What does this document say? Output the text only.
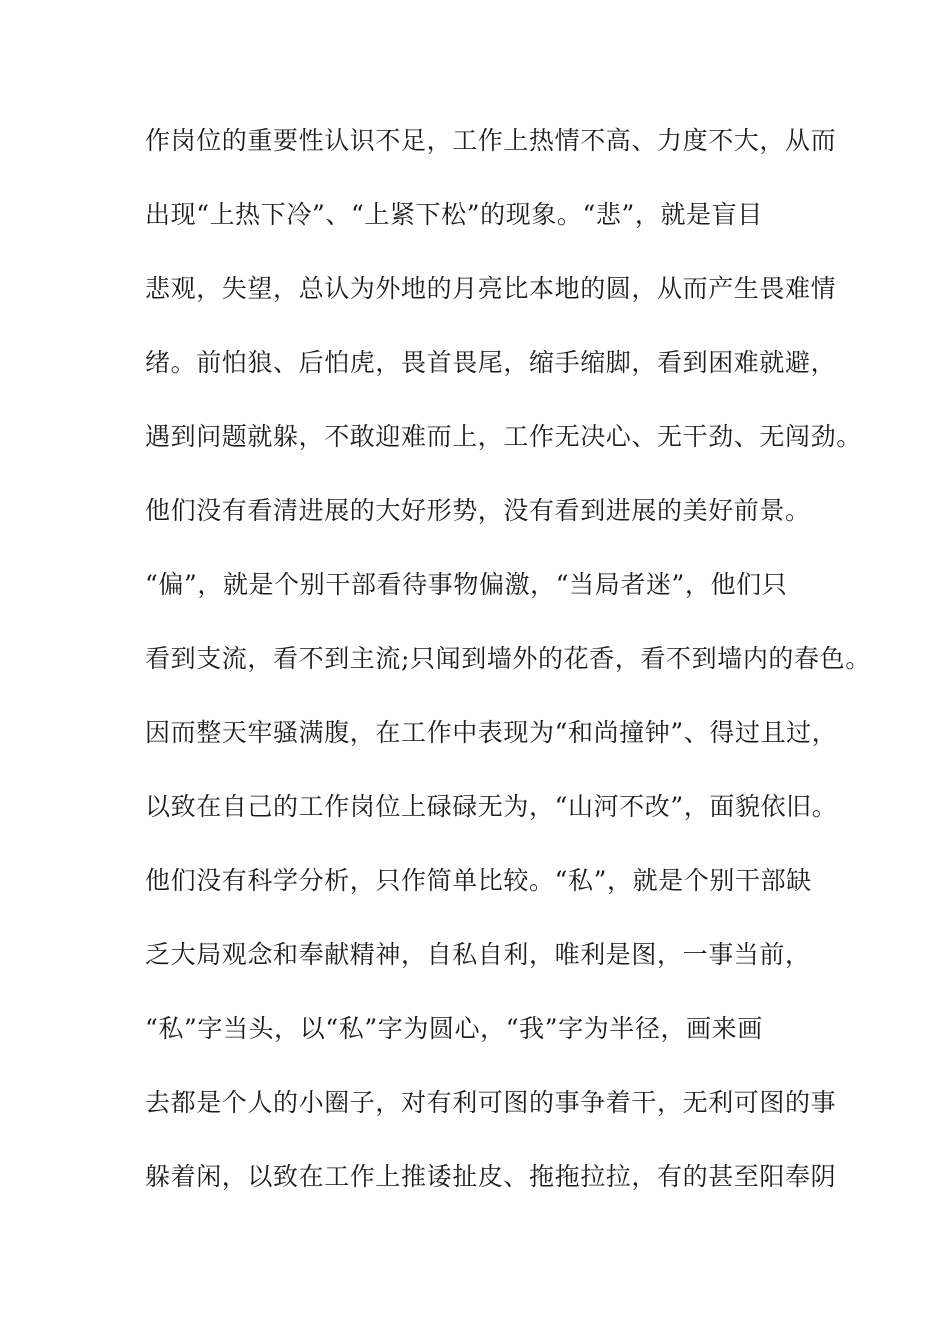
作岗位的重要性认识不足，工作上热情不高、力度不大，从而

出现“上热下冷”、“上紧下松”的现象。“悲”，就是盲目

悲观，失望，总认为外地的月亮比本地的圆，从而产生畏难情

绪。前怕狼、后怕虎，畏首畏尾，缩手缩脚，看到困难就避，

遇到问题就躲，不敢迎难而上，工作无决心、无干劲、无闯劲。

他们没有看清进展的大好形势，没有看到进展的美好前景。

“偏”，就是个别干部看待事物偏激，“当局者迷”，他们只

看到支流，看不到主流;只闻到墙外的花香，看不到墙内的春色。

因而整天牢骚满腹，在工作中表现为“和尚撞钟”、得过且过，

以致在自己的工作岗位上碌碌无为，“山河不改”，面貌依旧。

他们没有科学分析，只作简单比较。“私”，就是个别干部缺

乏大局观念和奉献精神，自私自利，唯利是图，一事当前，

“私”字当头，以“私”字为圆心，“我”字为半径，画来画

去都是个人的小圈子，对有利可图的事争着干，无利可图的事

躲着闲，以致在工作上推诿扯皮、拖拖拉拉，有的甚至阳奉阴
